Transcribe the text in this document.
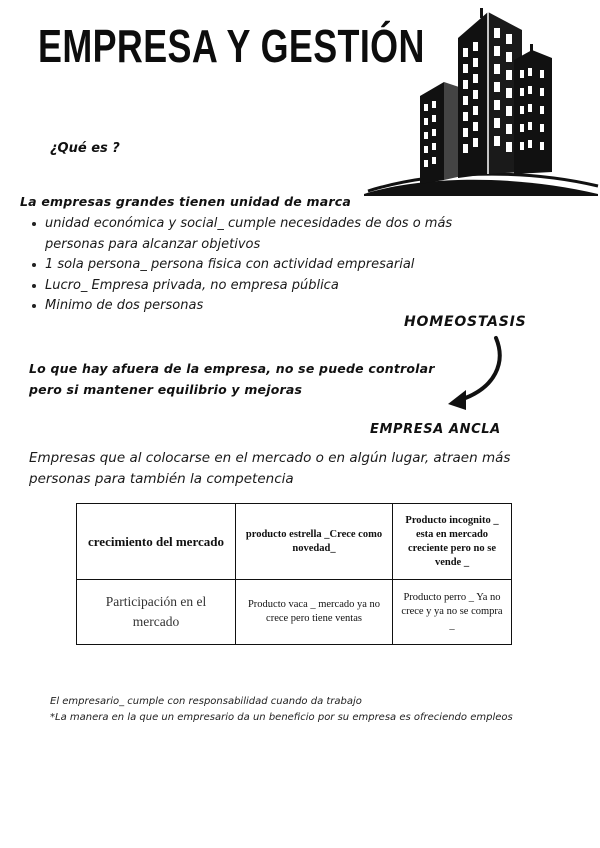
EMPRESA Y GESTIÓN

¿Qué es ?

La empresas grandes tienen unidad de marca

unidad económica y social_ cumple necesidades de dos o más personas para alcanzar objetivos
1 sola persona_ persona fisica con actividad empresarial
Lucro_ Empresa privada, no empresa pública
Minimo de dos personas

HOMEOSTASIS

Lo que hay afuera de la empresa, no se puede controlar pero si mantener equilibrio y mejoras

EMPRESA ANCLA

Empresas que al colocarse en el mercado o en algún lugar, atraen más personas para también la competencia

crecimiento del mercado	producto estrella _Crece como novedad_	Producto incognito _ esta en mercado creciente pero no se vende _
Participación en el mercado	Producto vaca _ mercado ya no crece pero tiene ventas	Producto perro _ Ya no crece y ya no se compra _
El empresario_ cumple con responsabilidad cuando da trabajo
*La manera en la que un empresario da un beneficio por su empresa es ofreciendo empleos
